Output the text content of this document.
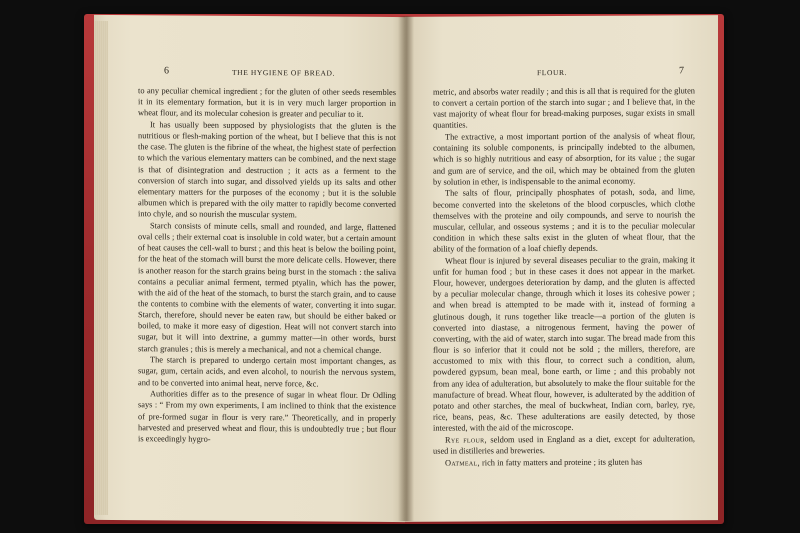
6	THE HYGIENE OF BREAD.

to any peculiar chemical ingredient ; for the gluten of other seeds resembles it in its elementary formation, but it is in very much larger proportion in wheat flour, and its molecular cohesion is greater and peculiar to it.

It has usually been supposed by physiologists that the gluten is the nutritious or flesh-making portion of the wheat, but I believe that this is not the case. The gluten is the fibrine of the wheat, the highest state of perfection to which the various elementary matters can be combined, and the next stage is that of disintegration and destruction ; it acts as a ferment to the conversion of starch into sugar, and dissolved yields up its salts and other elementary matters for the purposes of the economy ; but it is the soluble albumen which is prepared with the oily matter to rapidly become converted into chyle, and so nourish the muscular system.

Starch consists of minute cells, small and rounded, and large, flattened oval cells ; their external coat is insoluble in cold water, but a certain amount of heat causes the cell-wall to burst ; and this heat is below the boiling point, for the heat of the stomach will burst the more delicate cells. However, there is another reason for the starch grains being burst in the stomach : the saliva contains a peculiar animal ferment, termed ptyalin, which has the power, with the aid of the heat of the stomach, to burst the starch grain, and to cause the contents to combine with the elements of water, converting it into sugar. Starch, therefore, should never be eaten raw, but should be either baked or boiled, to make it more easy of digestion. Heat will not convert starch into sugar, but it will into dextrine, a gummy matter—in other words, burst starch granules ; this is merely a mechanical, and not a chemical change.

The starch is prepared to undergo certain most important changes, as sugar, gum, certain acids, and even alcohol, to nourish the nervous system, and to be converted into animal heat, nerve force, &c.

Authorities differ as to the presence of sugar in wheat flour. Dr Odling says : “ From my own experiments, I am inclined to think that the existence of pre-formed sugar in flour is very rare.” Theoretically, and in properly harvested and preserved wheat and flour, this is undoubtedly true ; but flour is exceedingly hygro-

FLOUR.	7

metric, and absorbs water readily ; and this is all that is required for the gluten to convert a certain portion of the starch into sugar ; and I believe that, in the vast majority of wheat flour for bread-making purposes, sugar exists in small quantities.

The extractive, a most important portion of the analysis of wheat flour, containing its soluble components, is principally indebted to the albumen, which is so highly nutritious and easy of absorption, for its value ; the sugar and gum are of service, and the oil, which may be obtained from the gluten by solution in ether, is indispensable to the animal economy.

The salts of flour, principally phosphates of potash, soda, and lime, become converted into the skeletons of the blood corpuscles, which clothe themselves with the proteine and oily compounds, and serve to nourish the muscular, cellular, and osseous systems ; and it is to the peculiar molecular condition in which these salts exist in the gluten of wheat flour, that the ability of the formation of a loaf chiefly depends.

Wheat flour is injured by several diseases peculiar to the grain, making it unfit for human food ; but in these cases it does not appear in the market. Flour, however, undergoes deterioration by damp, and the gluten is affected by a peculiar molecular change, through which it loses its cohesive power ; and when bread is attempted to be made with it, instead of forming a glutinous dough, it runs together like treacle—a portion of the gluten is converted into diastase, a nitrogenous ferment, having the power of converting, with the aid of water, starch into sugar. The bread made from this flour is so inferior that it could not be sold ; the millers, therefore, are accustomed to mix with this flour, to correct such a condition, alum, powdered gypsum, bean meal, bone earth, or lime ; and this probably not from any idea of adulteration, but absolutely to make the flour suitable for the manufacture of bread. Wheat flour, however, is adulterated by the addition of potato and other starches, the meal of buckwheat, Indian corn, barley, rye, rice, beans, peas, &c. These adulterations are easily detected, by those interested, with the aid of the microscope.

Rye flour, seldom used in England as a diet, except for adulteration, used in distilleries and breweries.

Oatmeal, rich in fatty matters and proteine ; its gluten has
